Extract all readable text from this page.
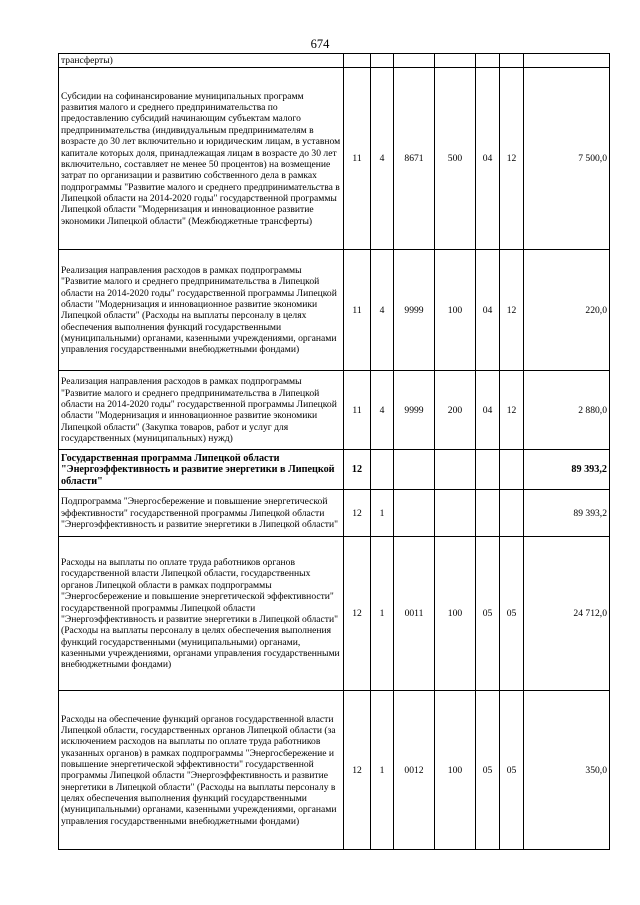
674
трансферты)							
Субсидии на софинансирование муниципальных программ развития малого и среднего предпринимательства по предоставлению субсидий начинающим субъектам малого предпринимательства (индивидуальным предпринимателям в возрасте до 30 лет включительно и юридическим лицам, в уставном капитале которых доля, принадлежащая лицам в возрасте до 30 лет включительно, составляет не менее 50 процентов) на возмещение затрат по организации и развитию собственного дела в рамках подпрограммы "Развитие малого и среднего предпринимательства в Липецкой области на 2014-2020 годы" государственной программы Липецкой области "Модернизация и инновационное развитие экономики Липецкой области" (Межбюджетные трансферты)	11	4	8671	500	04	12	7 500,0
Реализация направления расходов в рамках подпрограммы "Развитие малого и среднего предпринимательства в Липецкой области на 2014-2020 годы" государственной программы Липецкой области "Модернизация и инновационное развитие экономики Липецкой области" (Расходы на выплаты персоналу в целях обеспечения выполнения функций государственными (муниципальными) органами, казенными учреждениями, органами управления государственными внебюджетными фондами)	11	4	9999	100	04	12	220,0
Реализация направления расходов в рамках подпрограммы "Развитие малого и среднего предпринимательства в Липецкой области на 2014-2020 годы" государственной программы Липецкой области "Модернизация и инновационное развитие экономики Липецкой области" (Закупка товаров, работ и услуг для государственных (муниципальных) нужд)	11	4	9999	200	04	12	2 880,0
Государственная программа Липецкой области "Энергоэффективность и развитие энергетики в Липецкой области"	12						89 393,2
Подпрограмма "Энергосбережение и повышение энергетической эффективности" государственной программы Липецкой области "Энергоэффективность и развитие энергетики в Липецкой области"	12	1					89 393,2
Расходы на выплаты по оплате труда работников органов государственной власти Липецкой области, государственных органов Липецкой области в рамках подпрограммы "Энергосбережение и повышение энергетической эффективности" государственной программы Липецкой области "Энергоэффективность и развитие энергетики в Липецкой области" (Расходы на выплаты персоналу в целях обеспечения выполнения функций государственными (муниципальными) органами, казенными учреждениями, органами управления государственными внебюджетными фондами)	12	1	0011	100	05	05	24 712,0
Расходы на обеспечение функций органов государственной власти Липецкой области, государственных органов Липецкой области (за исключением расходов на выплаты по оплате труда работников указанных органов) в рамках подпрограммы "Энергосбережение и повышение энергетической эффективности" государственной программы Липецкой области "Энергоэффективность и развитие энергетики в Липецкой области" (Расходы на выплаты персоналу в целях обеспечения выполнения функций государственными (муниципальными) органами, казенными учреждениями, органами управления государственными внебюджетными фондами)	12	1	0012	100	05	05	350,0
